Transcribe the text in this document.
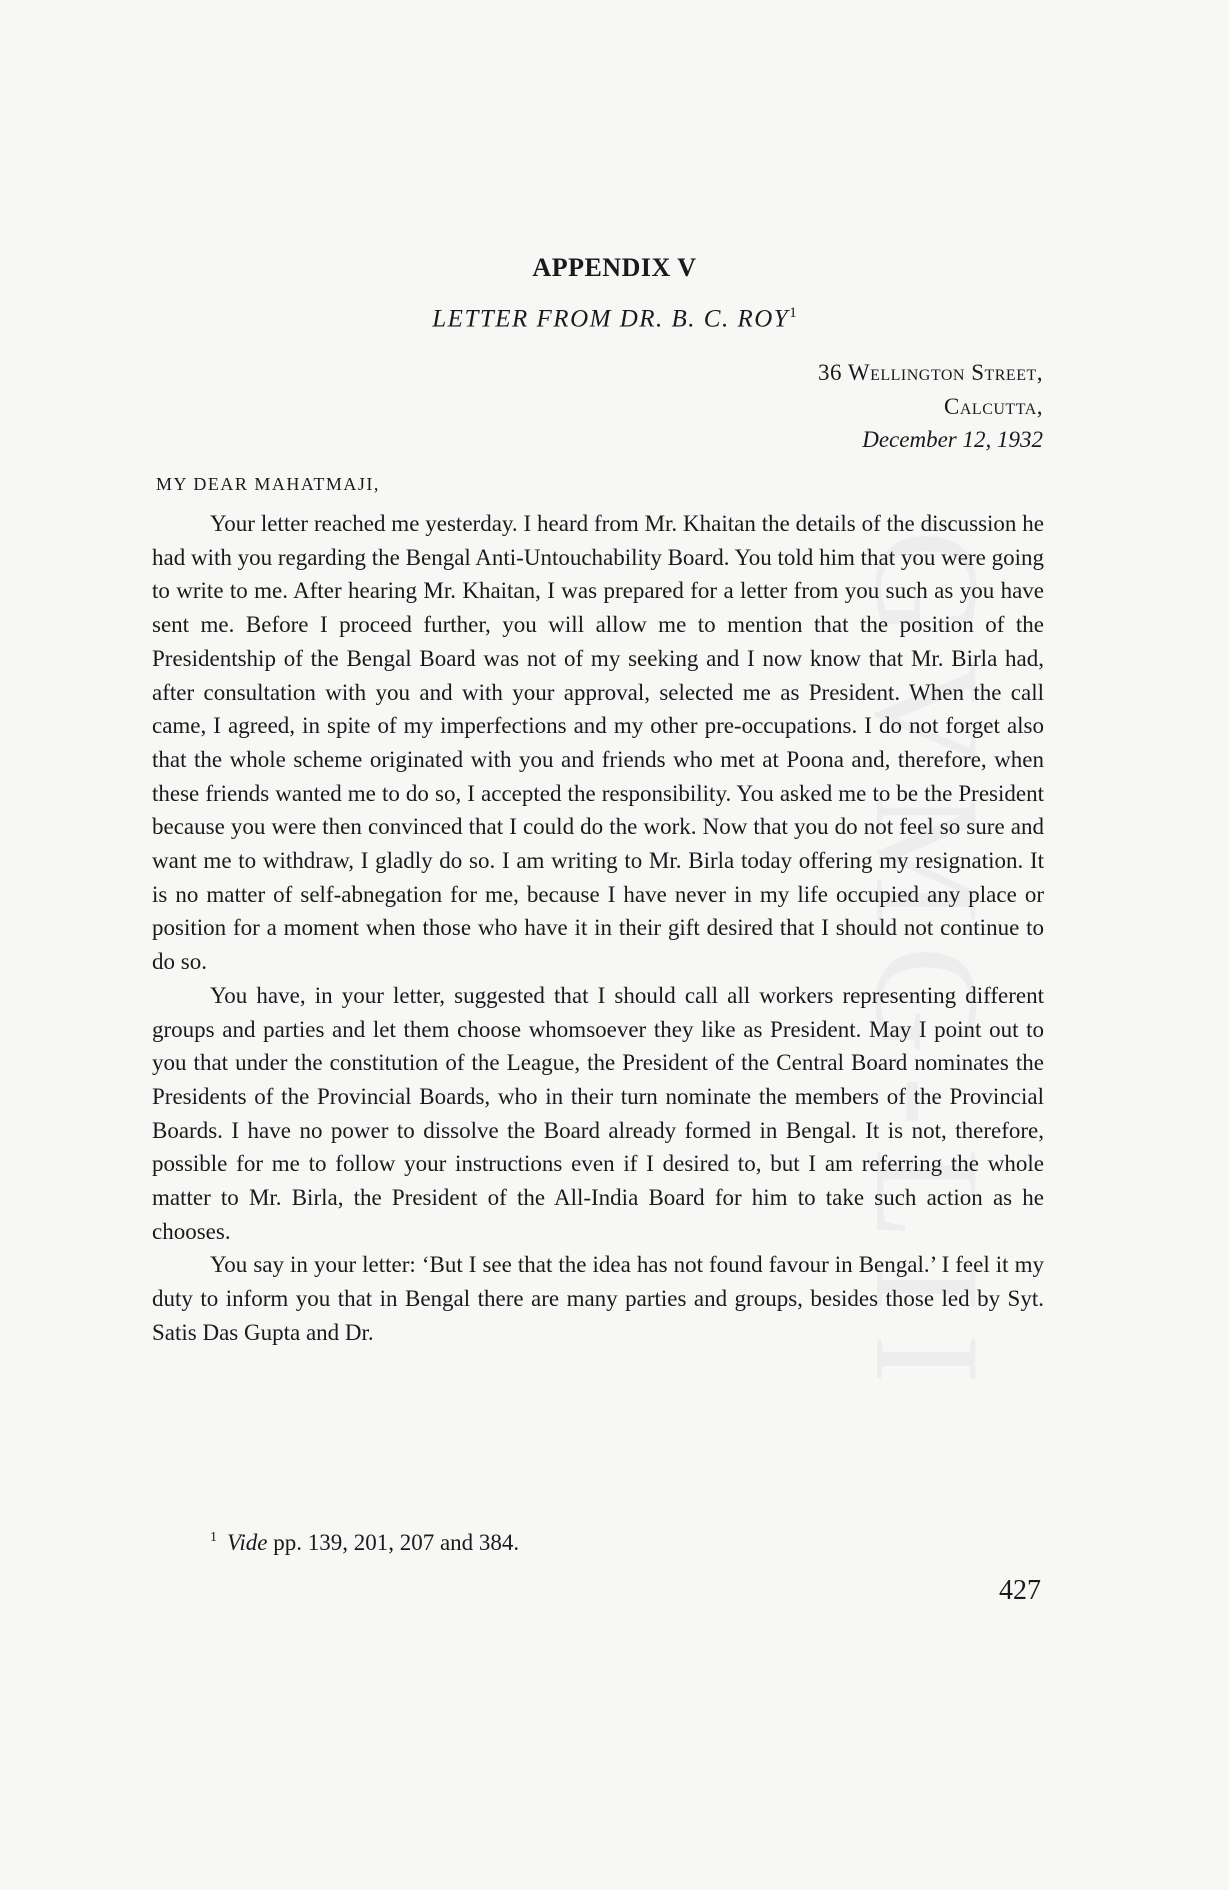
GVMG-LII
APPENDIX V
LETTER FROM DR. B. C. ROY$^1$
36 Wellington Street,
Calcutta,
December 12, 1932
MY DEAR MAHATMAJI,

Your letter reached me yesterday. I heard from Mr. Khaitan the details of the discussion he had with you regarding the Bengal Anti-Untouchability Board. You told him that you were going to write to me. After hearing Mr. Khaitan, I was prepared for a letter from you such as you have sent me. Before I proceed further, you will allow me to mention that the position of the Presidentship of the Bengal Board was not of my seeking and I now know that Mr. Birla had, after consultation with you and with your approval, selected me as President. When the call came, I agreed, in spite of my imperfections and my other pre-occupations. I do not forget also that the whole scheme originated with you and friends who met at Poona and, therefore, when these friends wanted me to do so, I accepted the responsibility. You asked me to be the President because you were then convinced that I could do the work. Now that you do not feel so sure and want me to withdraw, I gladly do so. I am writing to Mr. Birla today offering my resignation. It is no matter of self-abnegation for me, because I have never in my life occupied any place or position for a moment when those who have it in their gift desired that I should not continue to do so.

You have, in your letter, suggested that I should call all workers representing different groups and parties and let them choose whomsoever they like as President. May I point out to you that under the constitution of the League, the President of the Central Board nominates the Presidents of the Provincial Boards, who in their turn nominate the members of the Provincial Boards. I have no power to dissolve the Board already formed in Bengal. It is not, therefore, possible for me to follow your instructions even if I desired to, but I am referring the whole matter to Mr. Birla, the President of the All-India Board for him to take such action as he chooses.

You say in your letter: ‘But I see that the idea has not found favour in Bengal.’ I feel it my duty to inform you that in Bengal there are many parties and groups, besides those led by Syt. Satis Das Gupta and Dr.

$^1$ Vide pp. 139, 201, 207 and 384.
427
